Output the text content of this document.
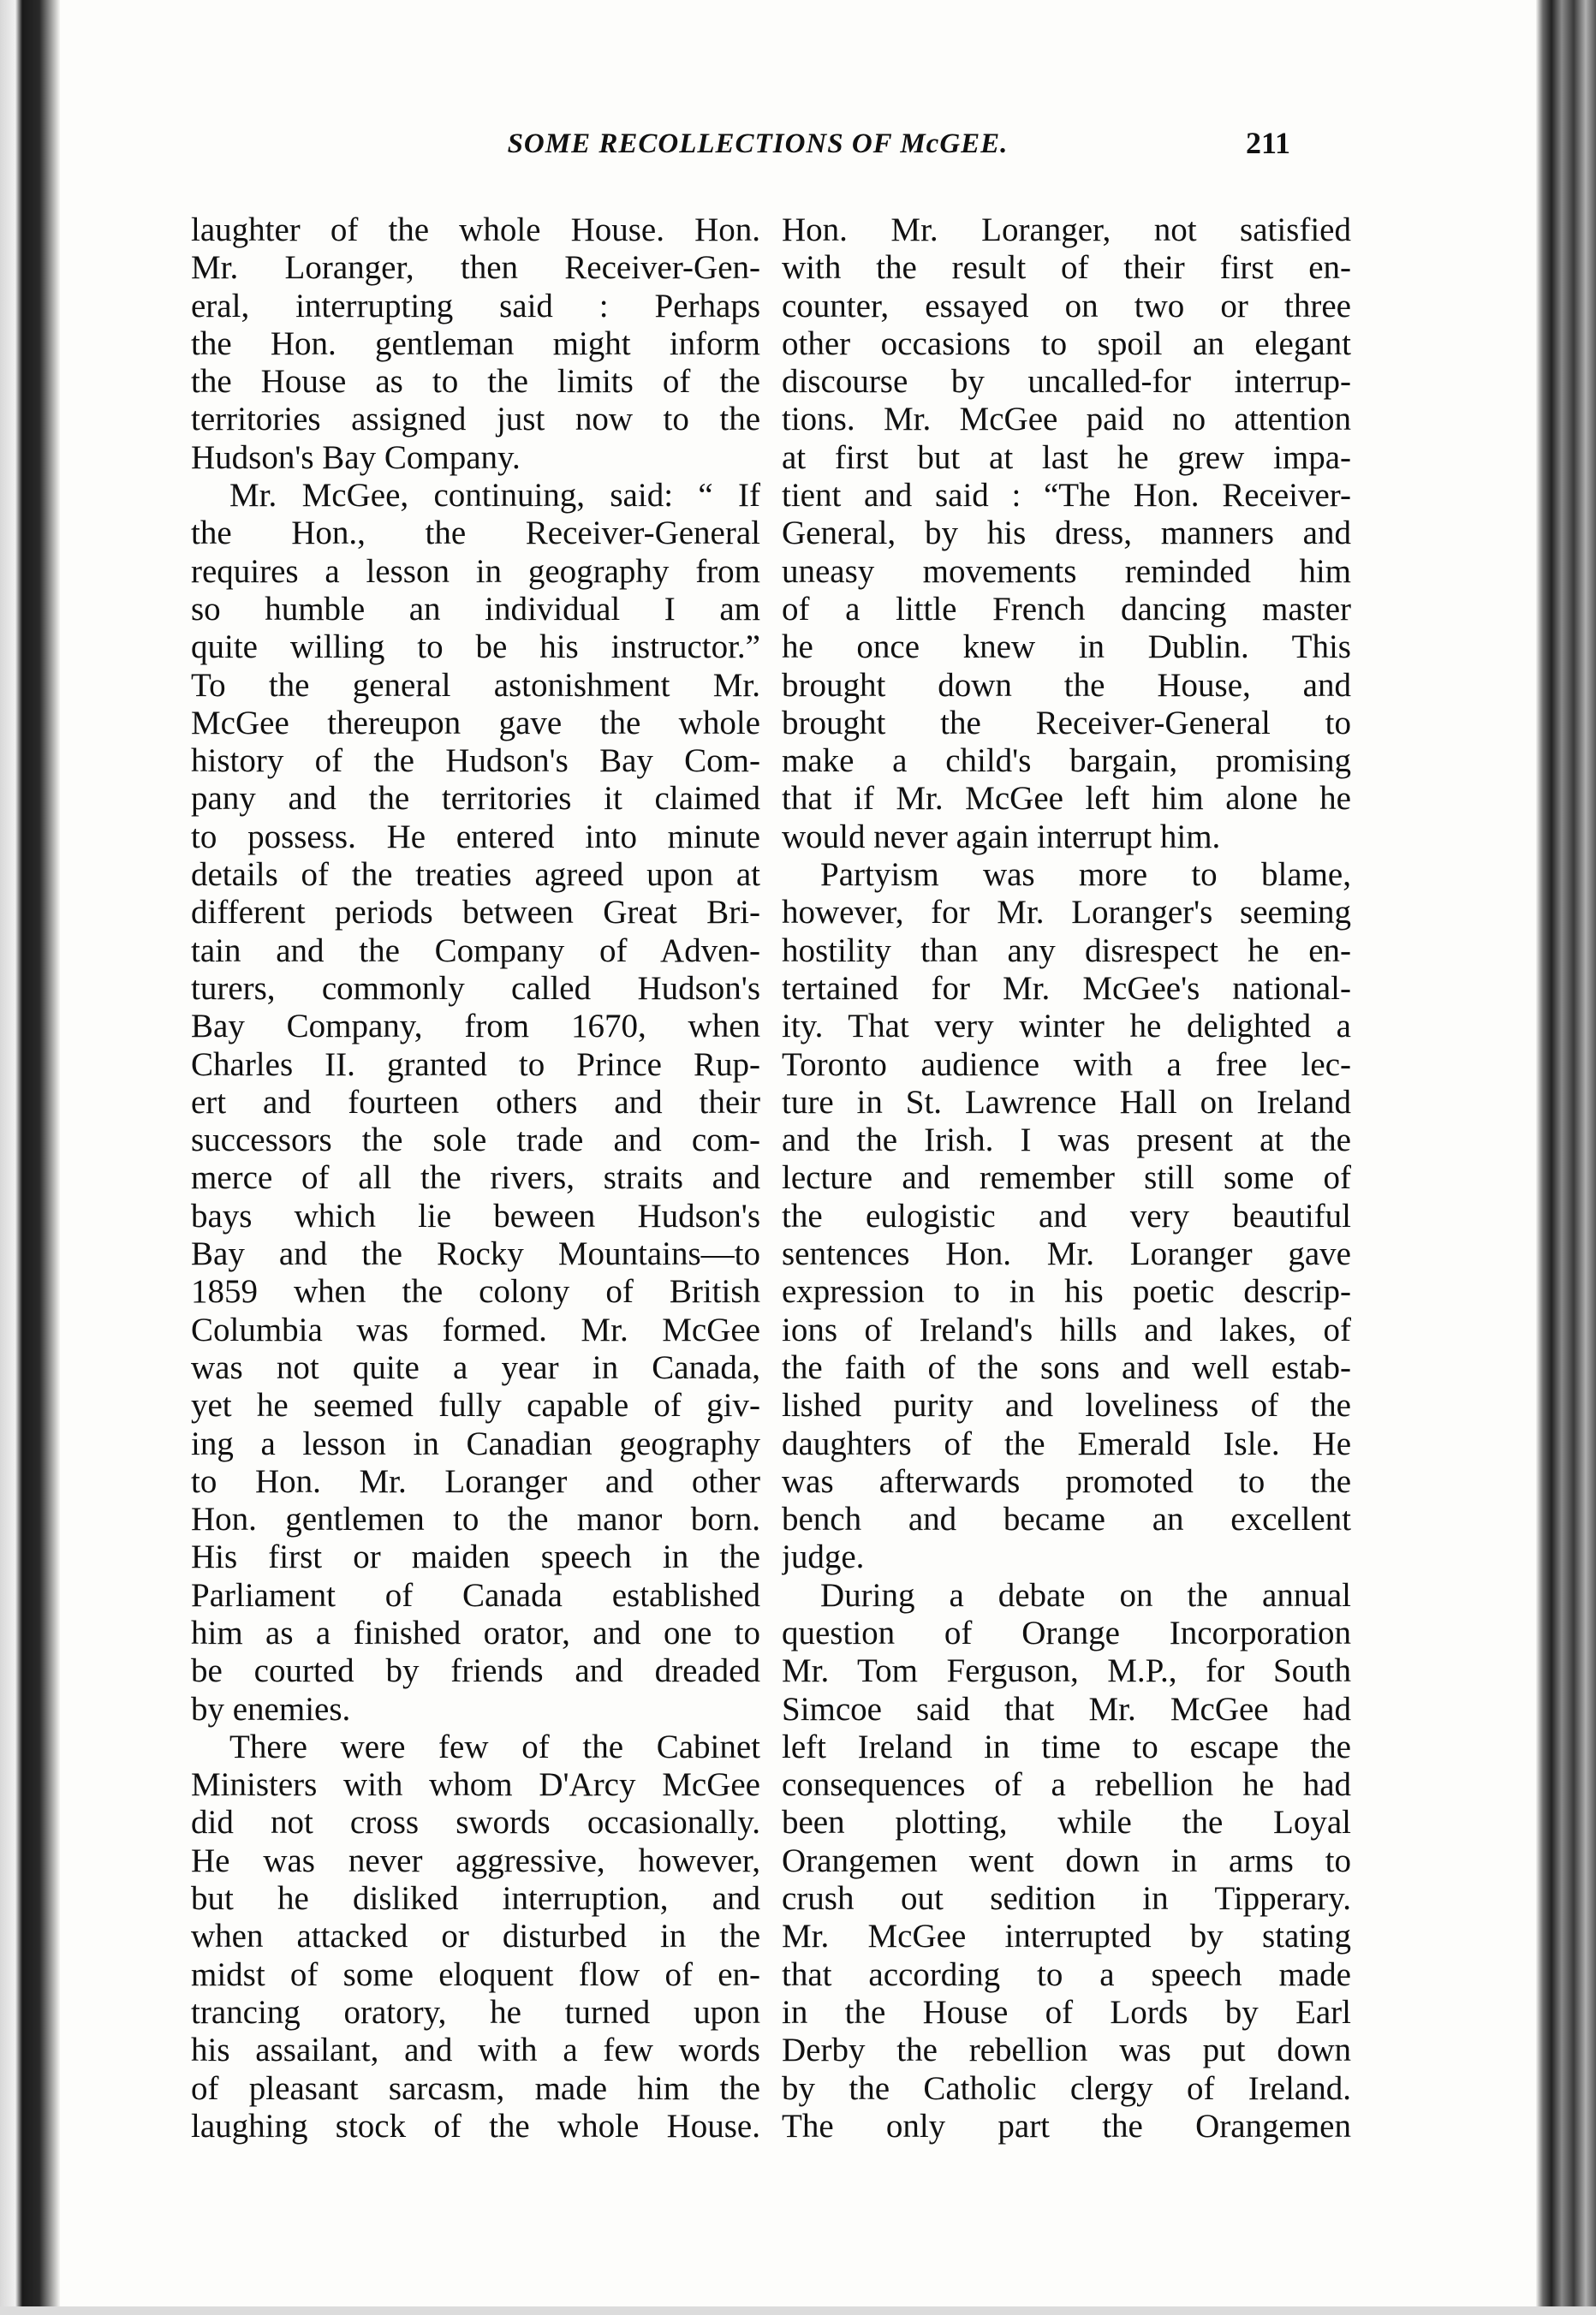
SOME RECOLLECTIONS OF McGEE.	211
laughter of the whole House. Hon.
Mr. Loranger, then Receiver-Gen-
eral, interrupting said : Perhaps
the Hon. gentleman might inform
the House as to the limits of the
territories assigned just now to the
Hudson's Bay Company.
Mr. McGee, continuing, said: “ If
the Hon., the Receiver-General
requires a lesson in geography from
so humble an individual I am
quite willing to be his instructor.”
To the general astonishment Mr.
McGee thereupon gave the whole
history of the Hudson's Bay Com-
pany and the territories it claimed
to possess. He entered into minute
details of the treaties agreed upon at
different periods between Great Bri-
tain and the Company of Adven-
turers, commonly called Hudson's
Bay Company, from 1670, when
Charles II. granted to Prince Rup-
ert and fourteen others and their
successors the sole trade and com-
merce of all the rivers, straits and
bays which lie beween Hudson's
Bay and the Rocky Mountains—to
1859 when the colony of British
Columbia was formed. Mr. McGee
was not quite a year in Canada,
yet he seemed fully capable of giv-
ing a lesson in Canadian geography
to Hon. Mr. Loranger and other
Hon. gentlemen to the manor born.
His first or maiden speech in the
Parliament of Canada established
him as a finished orator, and one to
be courted by friends and dreaded
by enemies.
There were few of the Cabinet
Ministers with whom D'Arcy McGee
did not cross swords occasionally.
He was never aggressive, however,
but he disliked interruption, and
when attacked or disturbed in the
midst of some eloquent flow of en-
trancing oratory, he turned upon
his assailant, and with a few words
of pleasant sarcasm, made him the
laughing stock of the whole House.
Hon. Mr. Loranger, not satisfied
with the result of their first en-
counter, essayed on two or three
other occasions to spoil an elegant
discourse by uncalled-for interrup-
tions. Mr. McGee paid no attention
at first but at last he grew impa-
tient and said : “The Hon. Receiver-
General, by his dress, manners and
uneasy movements reminded him
of a little French dancing master
he once knew in Dublin. This
brought down the House, and
brought the Receiver-General to
make a child's bargain, promising
that if Mr. McGee left him alone he
would never again interrupt him.
Partyism was more to blame,
however, for Mr. Loranger's seeming
hostility than any disrespect he en-
tertained for Mr. McGee's national-
ity. That very winter he delighted a
Toronto audience with a free lec-
ture in St. Lawrence Hall on Ireland
and the Irish. I was present at the
lecture and remember still some of
the eulogistic and very beautiful
sentences Hon. Mr. Loranger gave
expression to in his poetic descrip-
ions of Ireland's hills and lakes, of
the faith of the sons and well estab-
lished purity and loveliness of the
daughters of the Emerald Isle. He
was afterwards promoted to the
bench and became an excellent
judge.
During a debate on the annual
question of Orange Incorporation
Mr. Tom Ferguson, M.P., for South
Simcoe said that Mr. McGee had
left Ireland in time to escape the
consequences of a rebellion he had
been plotting, while the Loyal
Orangemen went down in arms to
crush out sedition in Tipperary.
Mr. McGee interrupted by stating
that according to a speech made
in the House of Lords by Earl
Derby the rebellion was put down
by the Catholic clergy of Ireland.
The only part the Orangemen
